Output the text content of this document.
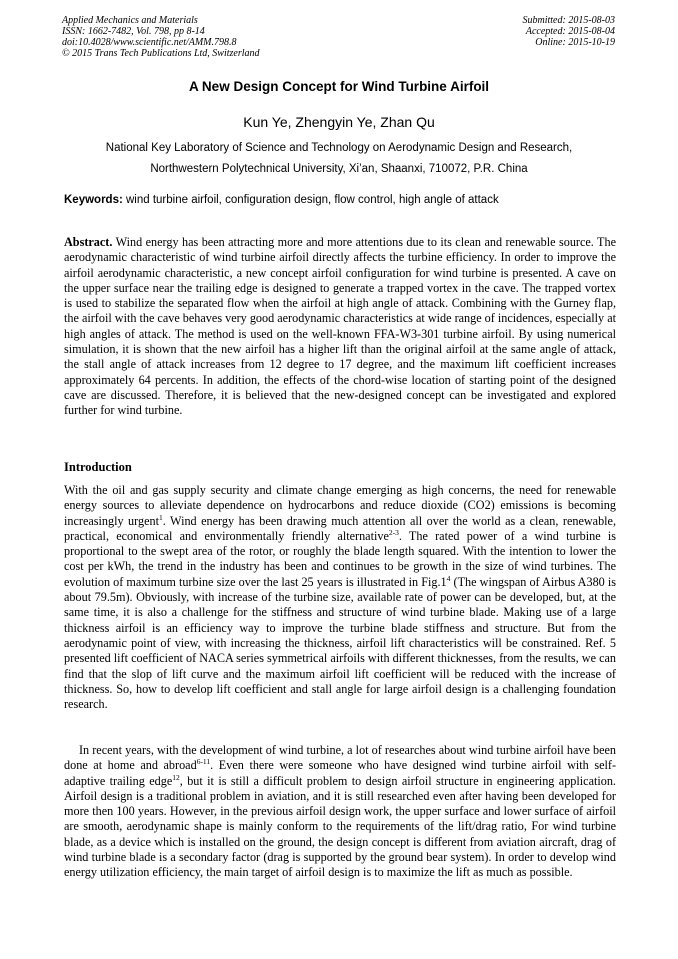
Applied Mechanics and Materials
ISSN: 1662-7482, Vol. 798, pp 8-14
doi:10.4028/www.scientific.net/AMM.798.8
© 2015 Trans Tech Publications Ltd, Switzerland
Submitted: 2015-08-03
Accepted: 2015-08-04
Online: 2015-10-19
A New Design Concept for Wind Turbine Airfoil
Kun Ye, Zhengyin Ye, Zhan Qu
National Key Laboratory of Science and Technology on Aerodynamic Design and Research,
Northwestern Polytechnical University, Xi’an, Shaanxi, 710072, P.R. China
Keywords: wind turbine airfoil, configuration design, flow control, high angle of attack

Abstract. Wind energy has been attracting more and more attentions due to its clean and renewable source. The aerodynamic characteristic of wind turbine airfoil directly affects the turbine efficiency. In order to improve the airfoil aerodynamic characteristic, a new concept airfoil configuration for wind turbine is presented. A cave on the upper surface near the trailing edge is designed to generate a trapped vortex in the cave. The trapped vortex is used to stabilize the separated flow when the airfoil at high angle of attack. Combining with the Gurney flap, the airfoil with the cave behaves very good aerodynamic characteristics at wide range of incidences, especially at high angles of attack. The method is used on the well-known FFA-W3-301 turbine airfoil. By using numerical simulation, it is shown that the new airfoil has a higher lift than the original airfoil at the same angle of attack, the stall angle of attack increases from 12 degree to 17 degree, and the maximum lift coefficient increases approximately 64 percents. In addition, the effects of the chord-wise location of starting point of the designed cave are discussed. Therefore, it is believed that the new-designed concept can be investigated and explored further for wind turbine.

Introduction

With the oil and gas supply security and climate change emerging as high concerns, the need for renewable energy sources to alleviate dependence on hydrocarbons and reduce dioxide (CO2) emissions is becoming increasingly urgent$^1$. Wind energy has been drawing much attention all over the world as a clean, renewable, practical, economical and environmentally friendly alternative$^{2-3}$. The rated power of a wind turbine is proportional to the swept area of the rotor, or roughly the blade length squared. With the intention to lower the cost per kWh, the trend in the industry has been and continues to be growth in the size of wind turbines. The evolution of maximum turbine size over the last 25 years is illustrated in $Fig.1^4$ (The wingspan of Airbus A380 is about 79.5m). Obviously, with increase of the turbine size, available rate of power can be developed, but, at the same time, it is also a challenge for the stiffness and structure of wind turbine blade. Making use of a large thickness airfoil is an efficiency way to improve the turbine blade stiffness and structure. But from the aerodynamic point of view, with increasing the thickness, airfoil lift characteristics will be constrained. Ref. 5 presented lift coefficient of NACA series symmetrical airfoils with different thicknesses, from the results, we can find that the slop of lift curve and the maximum airfoil lift coefficient will be reduced with the increase of thickness. So, how to develop lift coefficient and stall angle for large airfoil design is a challenging foundation research.

In recent years, with the development of wind turbine, a lot of researches about wind turbine airfoil have been done at home and abroad$^{6-11}$. Even there were someone who have designed wind turbine airfoil with self-adaptive trailing edge$^{12}$, but it is still a difficult problem to design airfoil structure in engineering application. Airfoil design is a traditional problem in aviation, and it is still researched even after having been developed for more then 100 years. However, in the previous airfoil design work, the upper surface and lower surface of airfoil are smooth, aerodynamic shape is mainly conform to the requirements of the lift/drag ratio, For wind turbine blade, as a device which is installed on the ground, the design concept is different from aviation aircraft, drag of wind turbine blade is a secondary factor (drag is supported by the ground bear system). In order to develop wind energy utilization efficiency, the main target of airfoil design is to maximize the lift as much as possible.
